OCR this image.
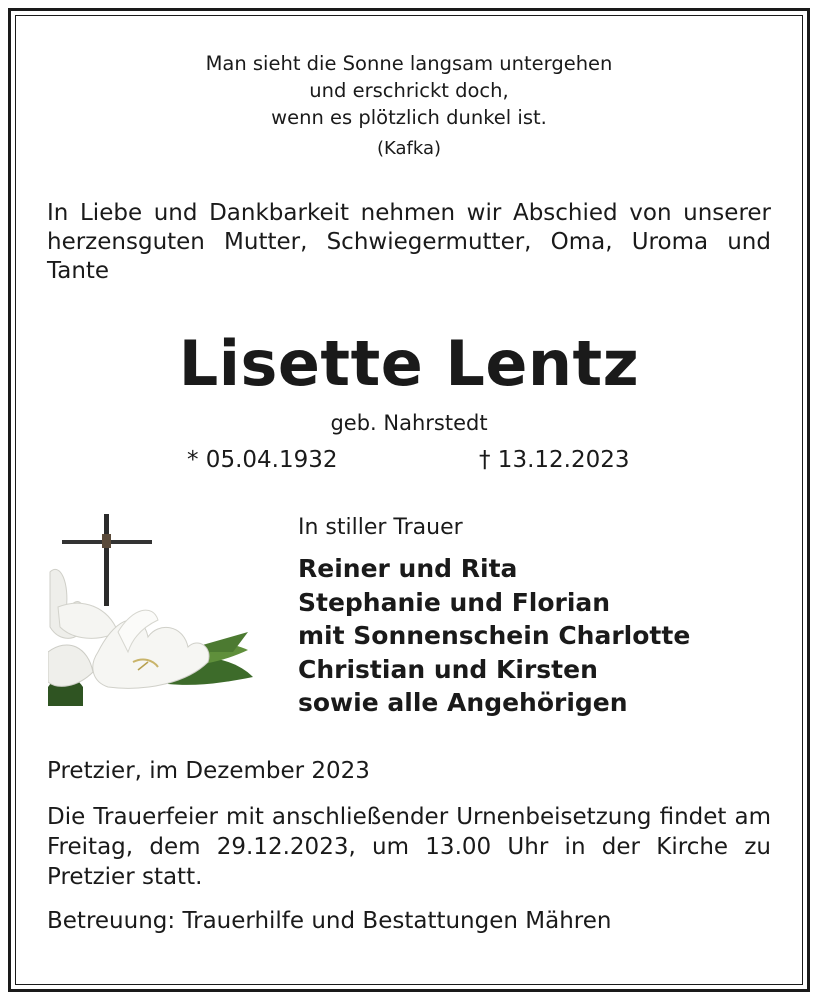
Man sieht die Sonne langsam untergehen
und erschrickt doch,
wenn es plötzlich dunkel ist.
(Kafka)

In Liebe und Dankbarkeit nehmen wir Abschied von unserer herzensguten Mutter, Schwiegermutter, Oma, Uroma und Tante

Lisette Lentz
geb. Nahrstedt
* 05.04.1932	† 13.12.2023
In stiller Trauer
Reiner und Rita
Stephanie und Florian
mit Sonnenschein Charlotte
Christian und Kirsten
sowie alle Angehörigen
Pretzier, im Dezember 2023

Die Trauerfeier mit anschließender Urnenbeisetzung findet am Freitag, dem 29.12.2023, um 13.00 Uhr in der Kirche zu Pretzier statt.

Betreuung: Trauerhilfe und Bestattungen Mähren
